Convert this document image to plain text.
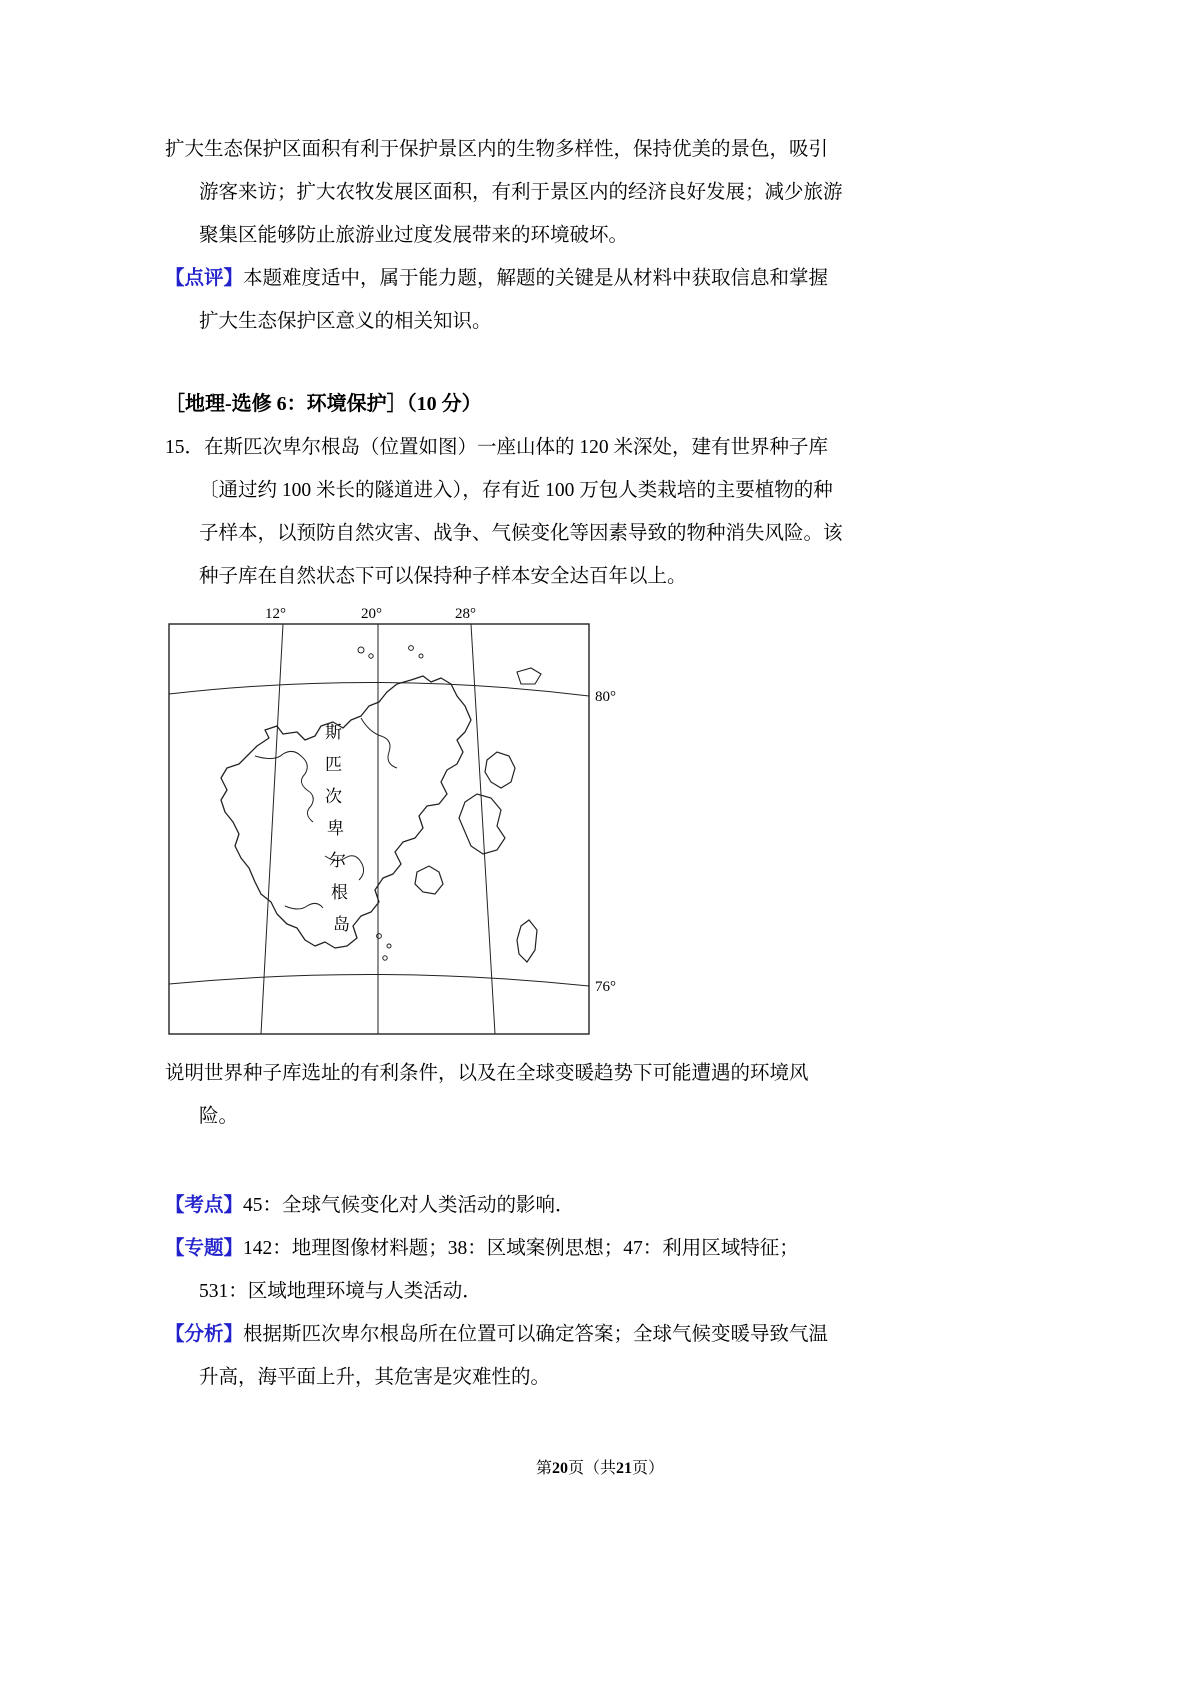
扩大生态保护区面积有利于保护景区内的生物多样性，保持优美的景色，吸引

游客来访；扩大农牧发展区面积，有利于景区内的经济良好发展；减少旅游

聚集区能够防止旅游业过度发展带来的环境破坏。

【点评】本题难度适中，属于能力题，解题的关键是从材料中获取信息和掌握

扩大生态保护区意义的相关知识。

［地理-选修 6：环境保护］（10 分）

15．在斯匹次卑尔根岛（位置如图）一座山体的 120 米深处，建有世界种子库

〔通过约 100 米长的隧道进入），存有近 100 万包人类栽培的主要植物的种

子样本，以预防自然灾害、战争、气候变化等因素导致的物种消失风险。该

种子库在自然状态下可以保持种子样本安全达百年以上。

12°	20°	28°
80°
76°
斯
匹
次
卑
尔
根
岛

说明世界种子库选址的有利条件，以及在全球变暖趋势下可能遭遇的环境风

险。

【考点】45：全球气候变化对人类活动的影响．

【专题】142：地理图像材料题；38：区域案例思想；47：利用区域特征；

531：区域地理环境与人类活动．

【分析】根据斯匹次卑尔根岛所在位置可以确定答案；全球气候变暖导致气温

升高，海平面上升，其危害是灾难性的。

第20页（共21页）
